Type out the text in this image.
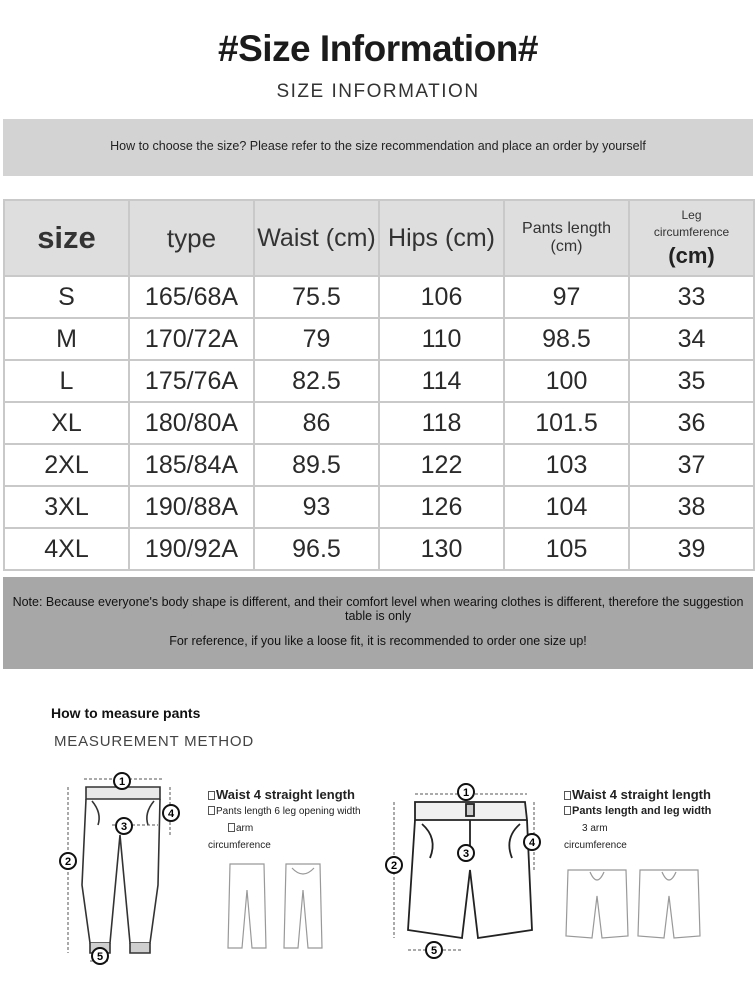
#Size Information#
SIZE INFORMATION
How to choose the size? Please refer to the size recommendation and place an order by yourself
size	type	Waist (cm)	Hips (cm)	Pants length (cm)	Leg
circumference
(cm)

S	165/68A	75.5	106	97	33
M	170/72A	79	110	98.5	34
L	175/76A	82.5	114	100	35
XL	180/80A	86	118	101.5	36
2XL	185/84A	89.5	122	103	37
3XL	190/88A	93	126	104	38
4XL	190/92A	96.5	130	105	39
Note: Because everyone's body shape is different, and their comfort level when wearing clothes is different, therefore the suggestion table is only
For reference, if you like a loose fit, it is recommended to order one size up!
How to measure pants
MEASUREMENT METHOD
1
2
3
4
5
Waist 4 straight length
Pants length 6 leg opening width
arm
circumference
1
2
3
4
5
Waist 4 straight length
Pants length and leg width
3 arm
circumference
